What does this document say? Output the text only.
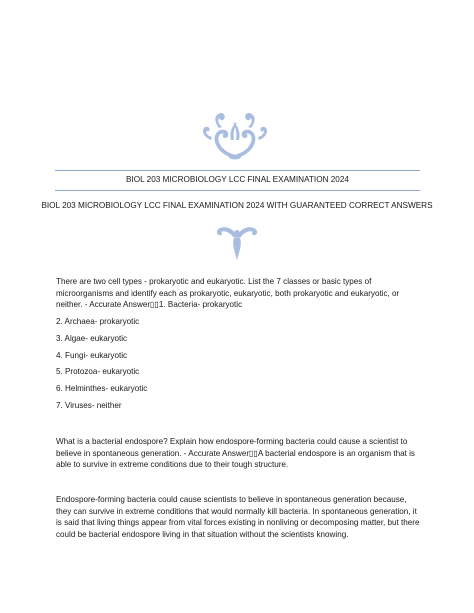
BIOL 203 MICROBIOLOGY LCC FINAL EXAMINATION 2024
BIOL 203 MICROBIOLOGY LCC FINAL EXAMINATION 2024 WITH GUARANTEED CORRECT ANSWERS

There are two cell types - prokaryotic and eukaryotic. List the 7 classes or basic types of microorganisms and identify each as prokaryotic, eukaryotic, both prokaryotic and eukaryotic, or neither. - Accurate Answer▯▯1. Bacteria- prokaryotic

2. Archaea- prokaryotic

3. Algae- eukaryotic

4. Fungi- eukaryotic

5. Protozoa- eukaryotic

6. Helminthes- eukaryotic

7. Viruses- neither

What is a bacterial endospore? Explain how endospore-forming bacteria could cause a scientist to believe in spontaneous generation. - Accurate Answer▯▯A bacterial endospore is an organism that is able to survive in extreme conditions due to their tough structure.

Endospore-forming bacteria could cause scientists to believe in spontaneous generation because, they can survive in extreme conditions that would normally kill bacteria. In spontaneous generation, it is said that living things appear from vital forces existing in nonliving or decomposing matter, but there could be bacterial endospore living in that situation without the scientists knowing.
